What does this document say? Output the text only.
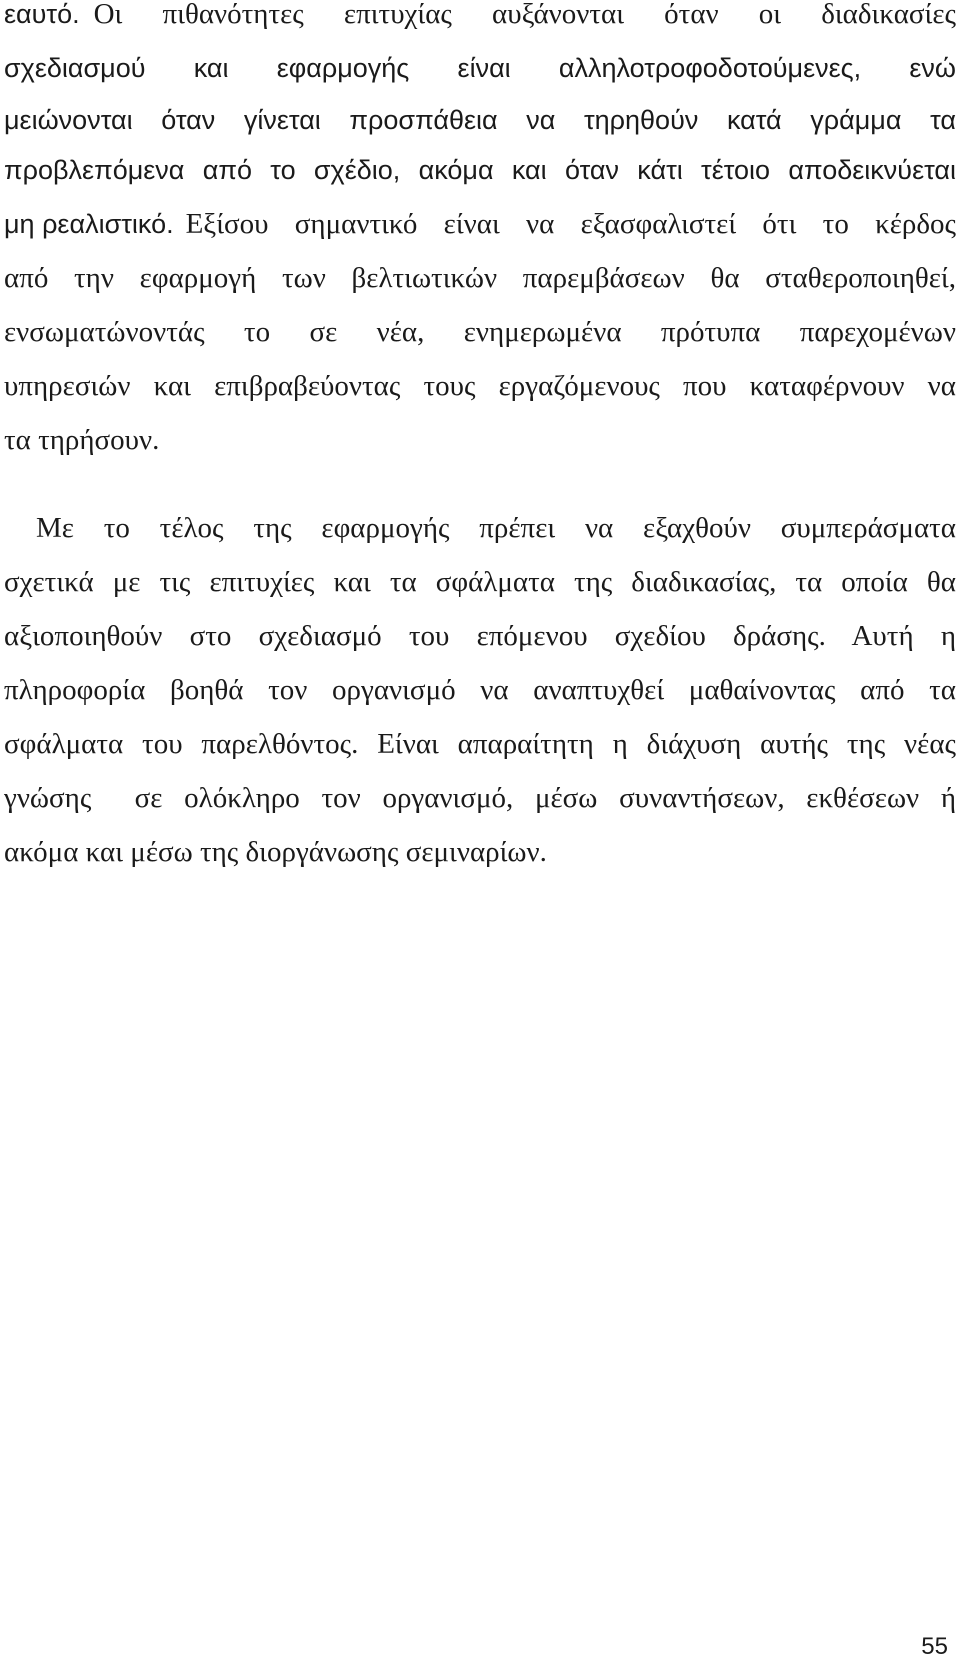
εαυτό. Οι πιθανότητες επιτυχίας αυξάνονται όταν οι διαδικασίες
σχεδιασμού και εφαρμογής είναι αλληλοτροφοδοτούμενες, ενώ
μειώνονται όταν γίνεται προσπάθεια να τηρηθούν κατά γράμμα τα
προβλεπόμενα από το σχέδιο, ακόμα και όταν κάτι τέτοιο αποδεικνύεται
μη ρεαλιστικό. Εξίσου σημαντικό είναι να εξασφαλιστεί ότι το κέρδος
από την εφαρμογή των βελτιωτικών παρεμβάσεων θα σταθεροποιηθεί,
ενσωματώνοντάς το σε νέα, ενημερωμένα πρότυπα παρεχομένων
υπηρεσιών και επιβραβεύοντας τους εργαζόμενους που καταφέρνουν να
τα τηρήσουν.
Με το τέλος της εφαρμογής πρέπει να εξαχθούν συμπεράσματα
σχετικά με τις επιτυχίες και τα σφάλματα της διαδικασίας, τα οποία θα
αξιοποιηθούν στο σχεδιασμό του επόμενου σχεδίου δράσης. Αυτή η
πληροφορία βοηθά τον οργανισμό να αναπτυχθεί μαθαίνοντας από τα
σφάλματα του παρελθόντος. Είναι απαραίτητη η διάχυση αυτής της νέας
γνώσης  σε ολόκληρο τον οργανισμό, μέσω συναντήσεων, εκθέσεων ή
ακόμα και μέσω της διοργάνωσης σεμιναρίων.
55
